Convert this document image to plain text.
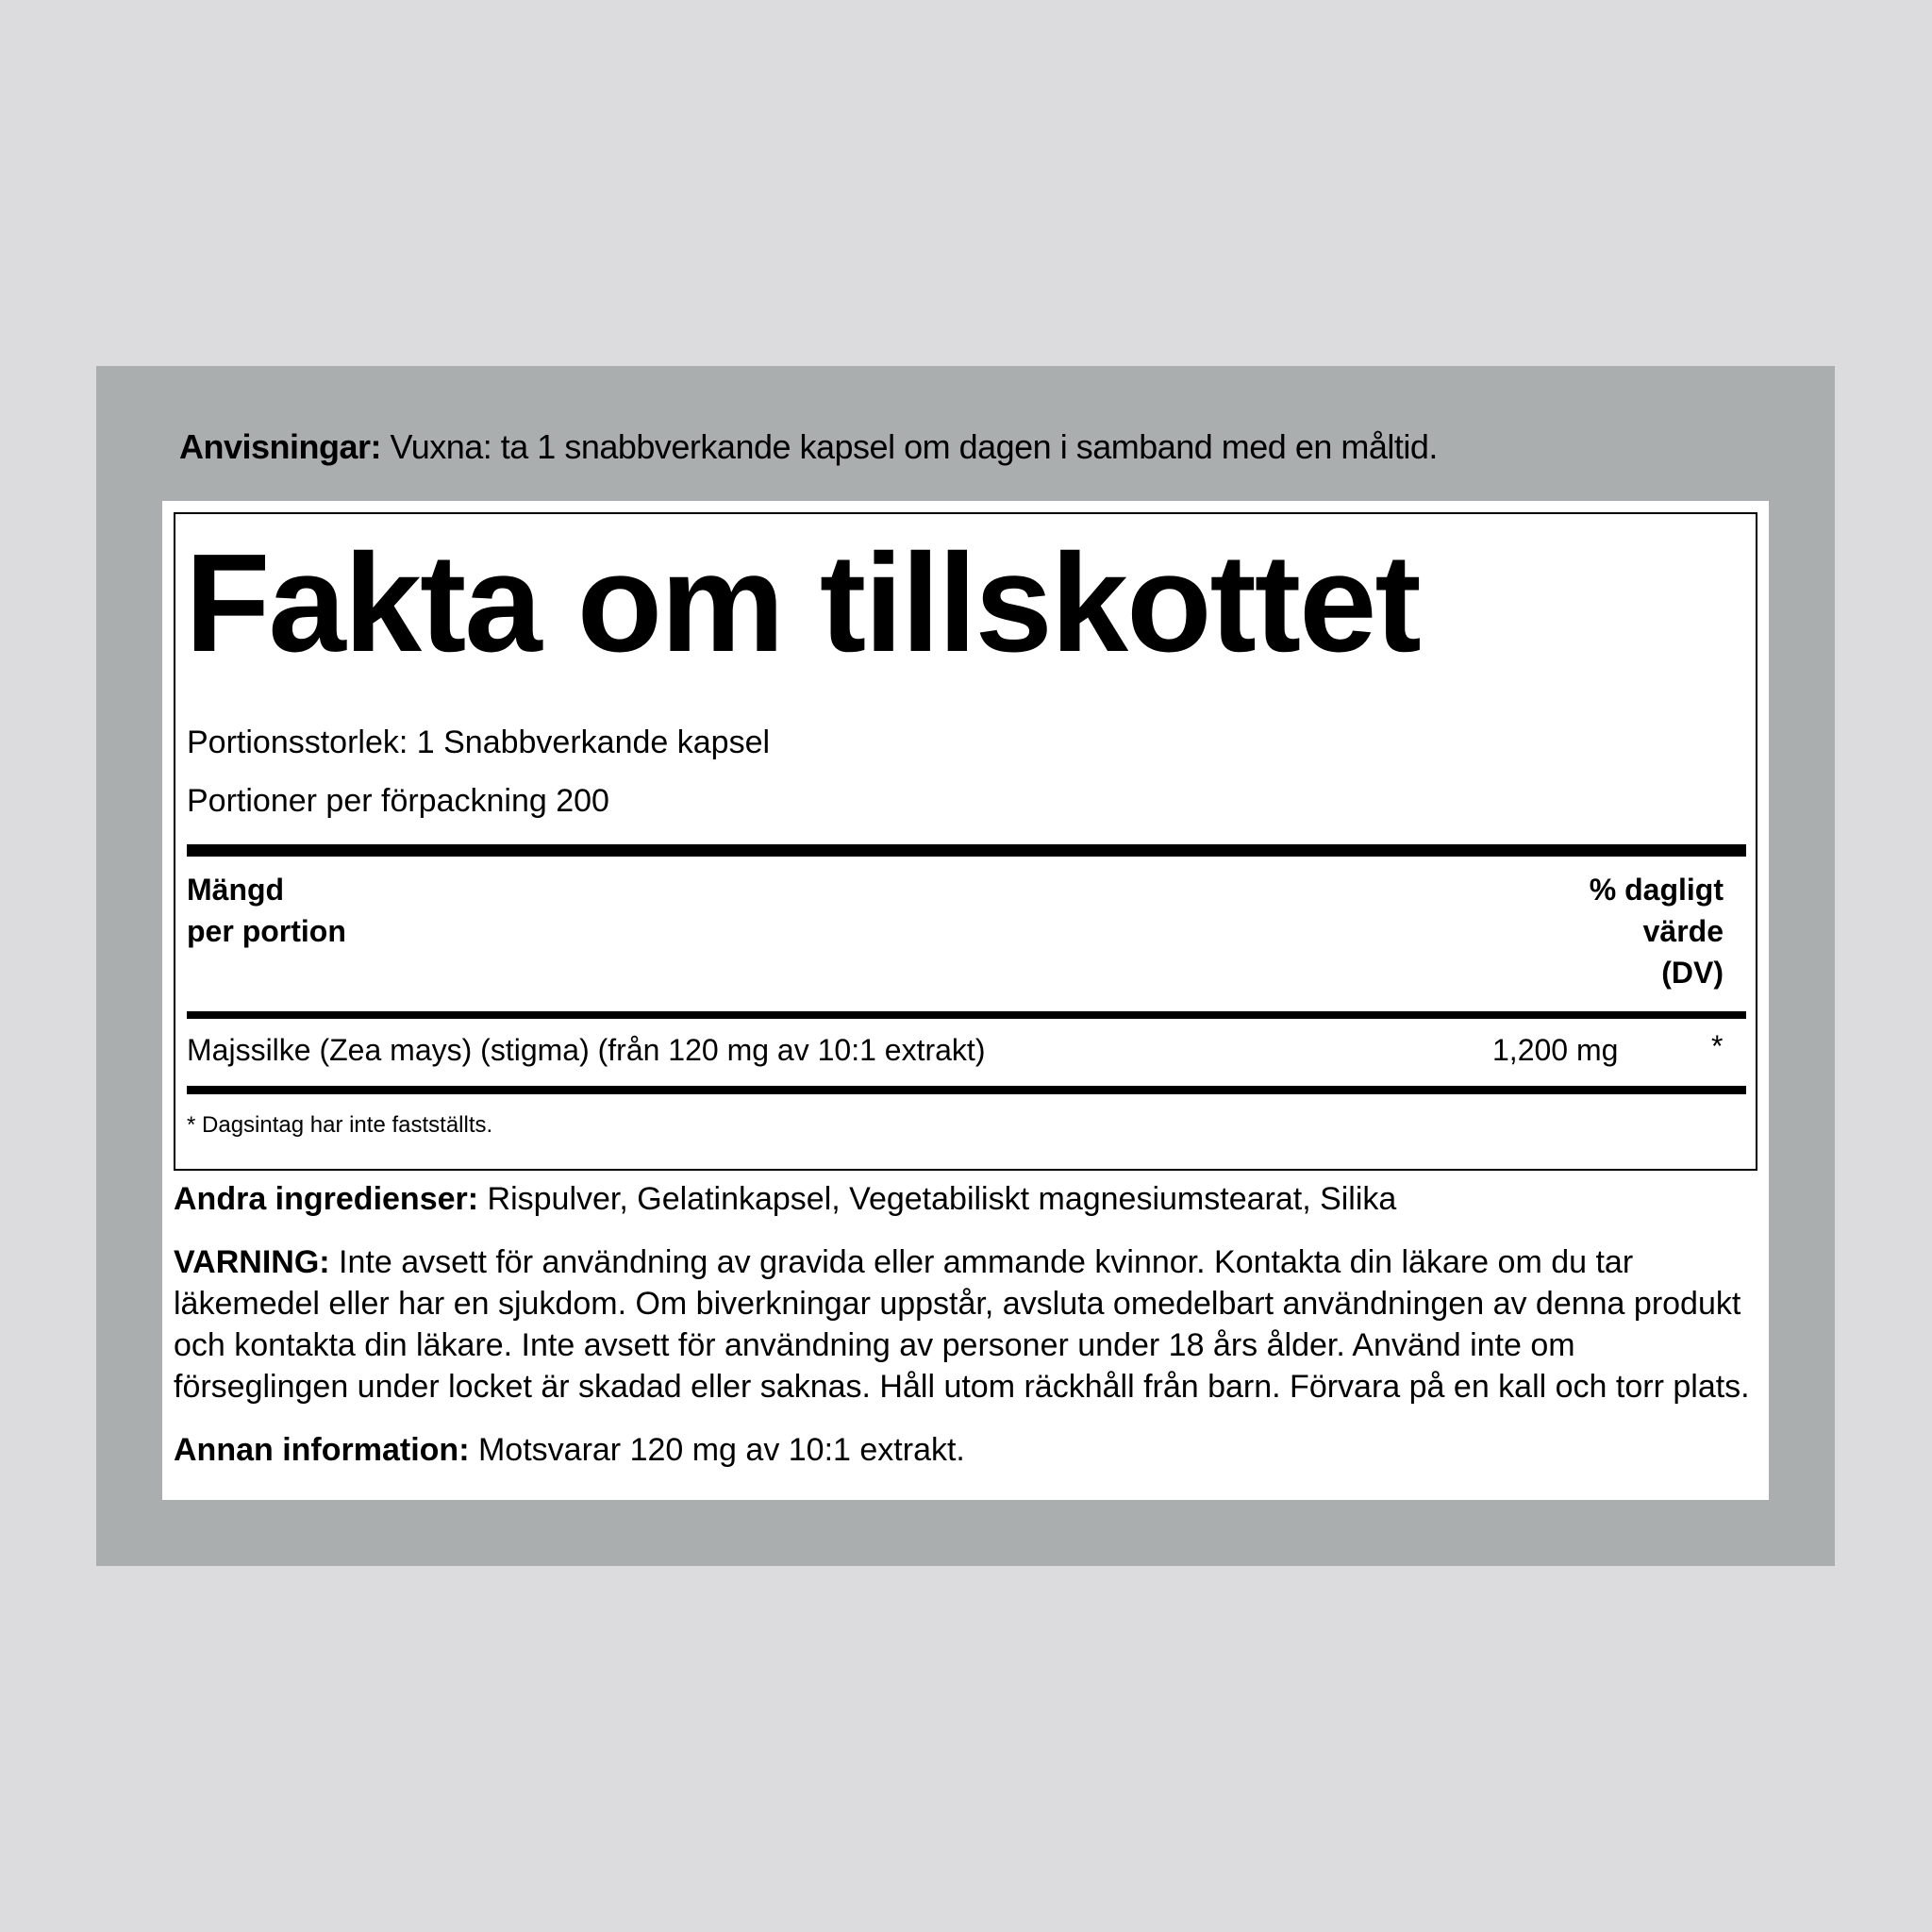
Anvisningar: Vuxna: ta 1 snabbverkande kapsel om dagen i samband med en måltid.
Fakta om tillskottet
Portionsstorlek: 1 Snabbverkande kapsel
Portioner per förpackning 200
Mängd
per portion
% dagligt
värde
(DV)
Majssilke (Zea mays) (stigma) (från 120 mg av 10:1 extrakt)	1,200 mg	*
* Dagsintag har inte fastställts.
Andra ingredienser: Rispulver, Gelatinkapsel, Vegetabiliskt magnesiumstearat, Silika
VARNING: Inte avsett för användning av gravida eller ammande kvinnor. Kontakta din läkare om du tar läkemedel eller har en sjukdom. Om biverkningar uppstår, avsluta omedelbart användningen av denna produkt och kontakta din läkare. Inte avsett för användning av personer under 18 års ålder. Använd inte om förseglingen under locket är skadad eller saknas. Håll utom räckhåll från barn. Förvara på en kall och torr plats.
Annan information: Motsvarar 120 mg av 10:1 extrakt.
